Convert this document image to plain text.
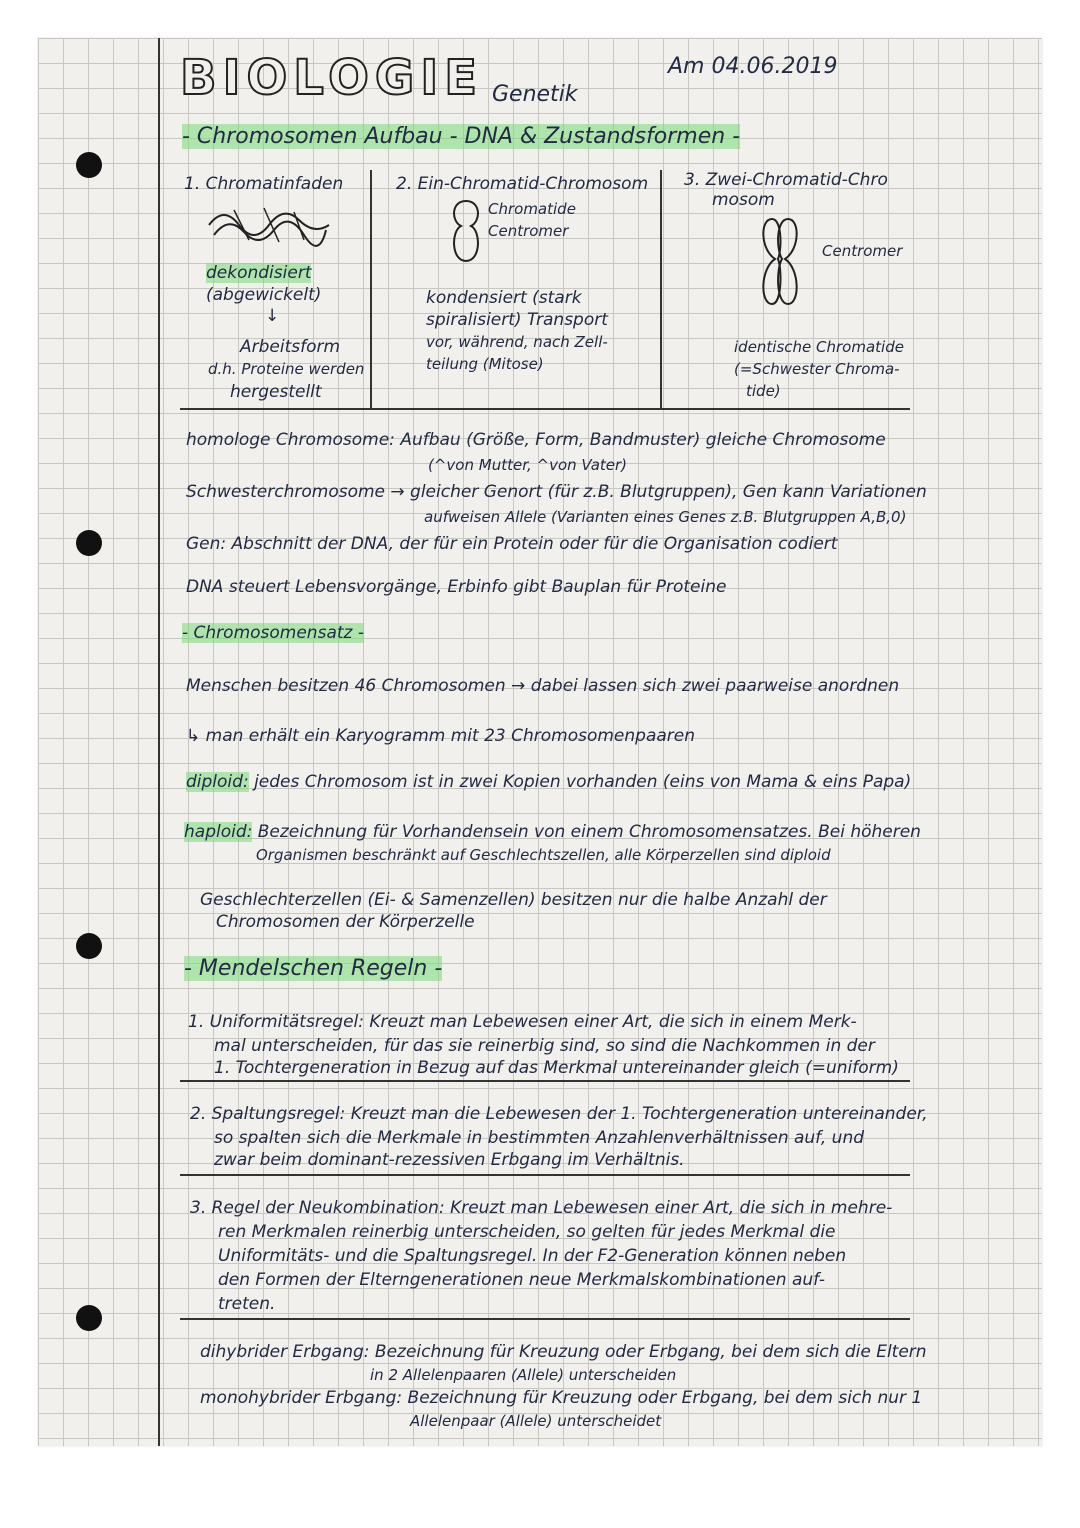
BIOLOGIE Genetik
Am 04.06.2019
- Chromosomen Aufbau - DNA & Zustandsformen -
1. Chromatinfaden
dekondisiert
(abgewickelt)
↓
Arbeitsform
d.h. Proteine werden
hergestellt
2. Ein-Chromatid-Chromosom
Chromatide
Centromer
kondensiert (stark
spiralisiert) Transport
vor, während, nach Zell-
teilung (Mitose)
3. Zwei-Chromatid-Chro
mosom
Centromer
identische Chromatide
(=Schwester Chroma-
tide)
homologe Chromosome: Aufbau (Größe, Form, Bandmuster) gleiche Chromosome
(^von Mutter, ^von Vater)
Schwesterchromosome → gleicher Genort (für z.B. Blutgruppen), Gen kann Variationen
aufweisen Allele (Varianten eines Genes z.B. Blutgruppen A,B,0)
Gen: Abschnitt der DNA, der für ein Protein oder für die Organisation codiert
DNA steuert Lebensvorgänge, Erbinfo gibt Bauplan für Proteine
- Chromosomensatz -
Menschen besitzen 46 Chromosomen → dabei lassen sich zwei paarweise anordnen
↳ man erhält ein Karyogramm mit 23 Chromosomenpaaren
diploid: jedes Chromosom ist in zwei Kopien vorhanden (eins von Mama & eins Papa)
haploid: Bezeichnung für Vorhandensein von einem Chromosomensatzes. Bei höheren
Organismen beschränkt auf Geschlechtszellen, alle Körperzellen sind diploid
Geschlechterzellen (Ei- & Samenzellen) besitzen nur die halbe Anzahl der
Chromosomen der Körperzelle
- Mendelschen Regeln -
1. Uniformitätsregel: Kreuzt man Lebewesen einer Art, die sich in einem Merk-
mal unterscheiden, für das sie reinerbig sind, so sind die Nachkommen in der
1. Tochtergeneration in Bezug auf das Merkmal untereinander gleich (=uniform)
2. Spaltungsregel: Kreuzt man die Lebewesen der 1. Tochtergeneration untereinander,
so spalten sich die Merkmale in bestimmten Anzahlenverhältnissen auf, und
zwar beim dominant-rezessiven Erbgang im Verhältnis.
3. Regel der Neukombination: Kreuzt man Lebewesen einer Art, die sich in mehre-
ren Merkmalen reinerbig unterscheiden, so gelten für jedes Merkmal die
Uniformitäts- und die Spaltungsregel. In der F2-Generation können neben
den Formen der Elterngenerationen neue Merkmalskombinationen auf-
treten.
dihybrider Erbgang: Bezeichnung für Kreuzung oder Erbgang, bei dem sich die Eltern
in 2 Allelenpaaren (Allele) unterscheiden
monohybrider Erbgang: Bezeichnung für Kreuzung oder Erbgang, bei dem sich nur 1
Allelenpaar (Allele) unterscheidet
